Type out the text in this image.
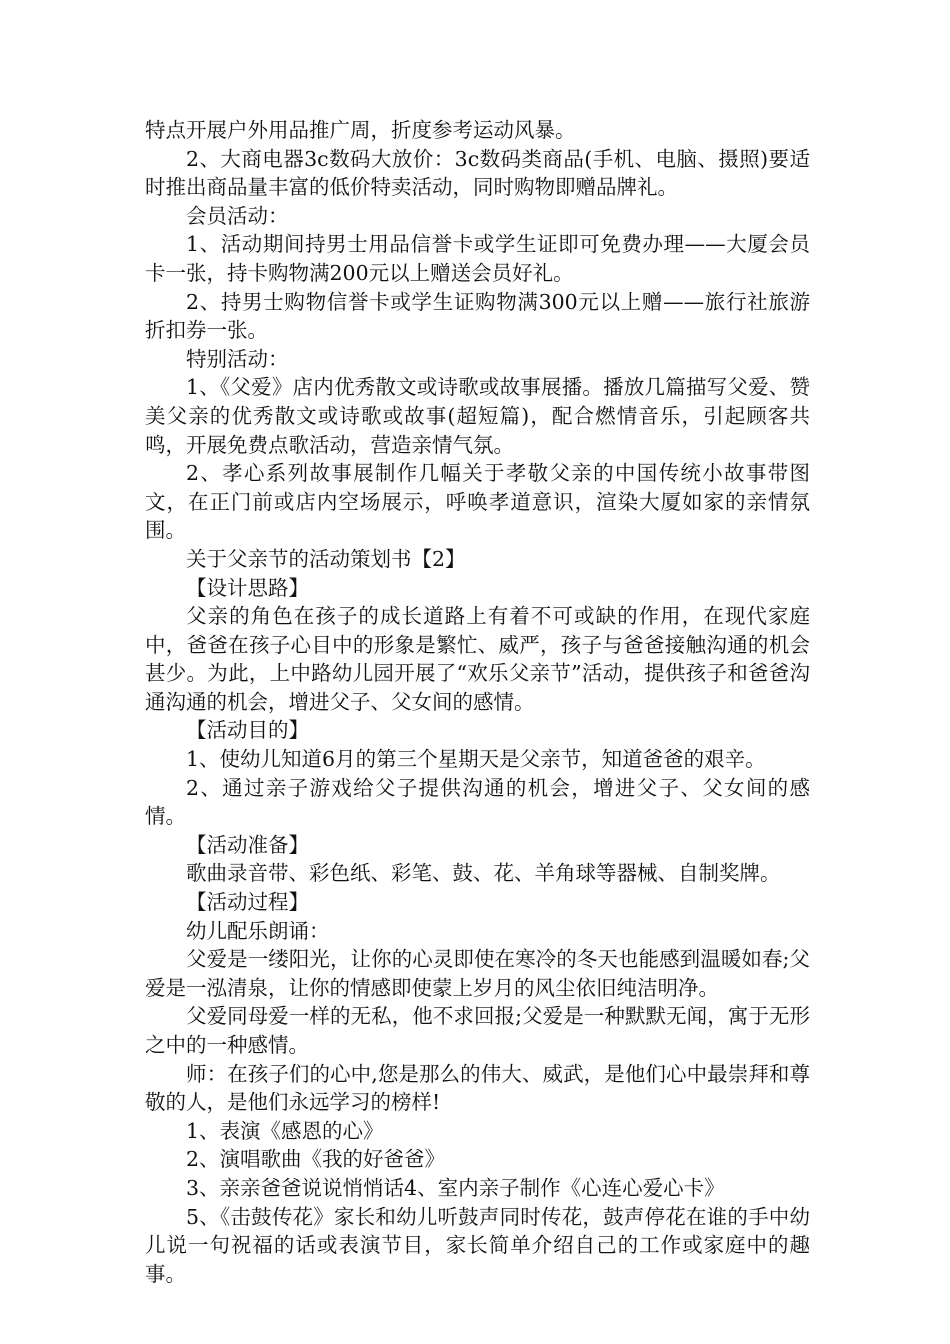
特点开展户外用品推广周，折度参考运动风暴。

2、大商电器3c数码大放价：3c数码类商品(手机、电脑、摄照)要适时推出商品量丰富的低价特卖活动，同时购物即赠品牌礼。

会员活动：

1、活动期间持男士用品信誉卡或学生证即可免费办理——大厦会员卡一张，持卡购物满200元以上赠送会员好礼。

2、持男士购物信誉卡或学生证购物满300元以上赠——旅行社旅游折扣券一张。

特别活动：

1、《父爱》店内优秀散文或诗歌或故事展播。播放几篇描写父爱、赞美父亲的优秀散文或诗歌或故事(超短篇)，配合燃情音乐，引起顾客共鸣，开展免费点歌活动，营造亲情气氛。

2、孝心系列故事展制作几幅关于孝敬父亲的中国传统小故事带图文，在正门前或店内空场展示，呼唤孝道意识，渲染大厦如家的亲情氛围。

关于父亲节的活动策划书【2】

【设计思路】

父亲的角色在孩子的成长道路上有着不可或缺的作用，在现代家庭中，爸爸在孩子心目中的形象是繁忙、威严，孩子与爸爸接触沟通的机会甚少。为此，上中路幼儿园开展了“欢乐父亲节”活动，提供孩子和爸爸沟通沟通的机会，增进父子、父女间的感情。

【活动目的】

1、使幼儿知道6月的第三个星期天是父亲节，知道爸爸的艰辛。

2、通过亲子游戏给父子提供沟通的机会，增进父子、父女间的感情。

【活动准备】

歌曲录音带、彩色纸、彩笔、鼓、花、羊角球等器械、自制奖牌。

【活动过程】

幼儿配乐朗诵：

父爱是一缕阳光，让你的心灵即使在寒冷的冬天也能感到温暖如春;父爱是一泓清泉，让你的情感即使蒙上岁月的风尘依旧纯洁明净。

父爱同母爱一样的无私，他不求回报;父爱是一种默默无闻，寓于无形之中的一种感情。

师：在孩子们的心中,您是那么的伟大、威武，是他们心中最崇拜和尊敬的人，是他们永远学习的榜样!

1、表演《感恩的心》

2、演唱歌曲《我的好爸爸》

3、亲亲爸爸说说悄悄话4、室内亲子制作《心连心爱心卡》

5、《击鼓传花》家长和幼儿听鼓声同时传花，鼓声停花在谁的手中幼儿说一句祝福的话或表演节目，家长简单介绍自己的工作或家庭中的趣事。
